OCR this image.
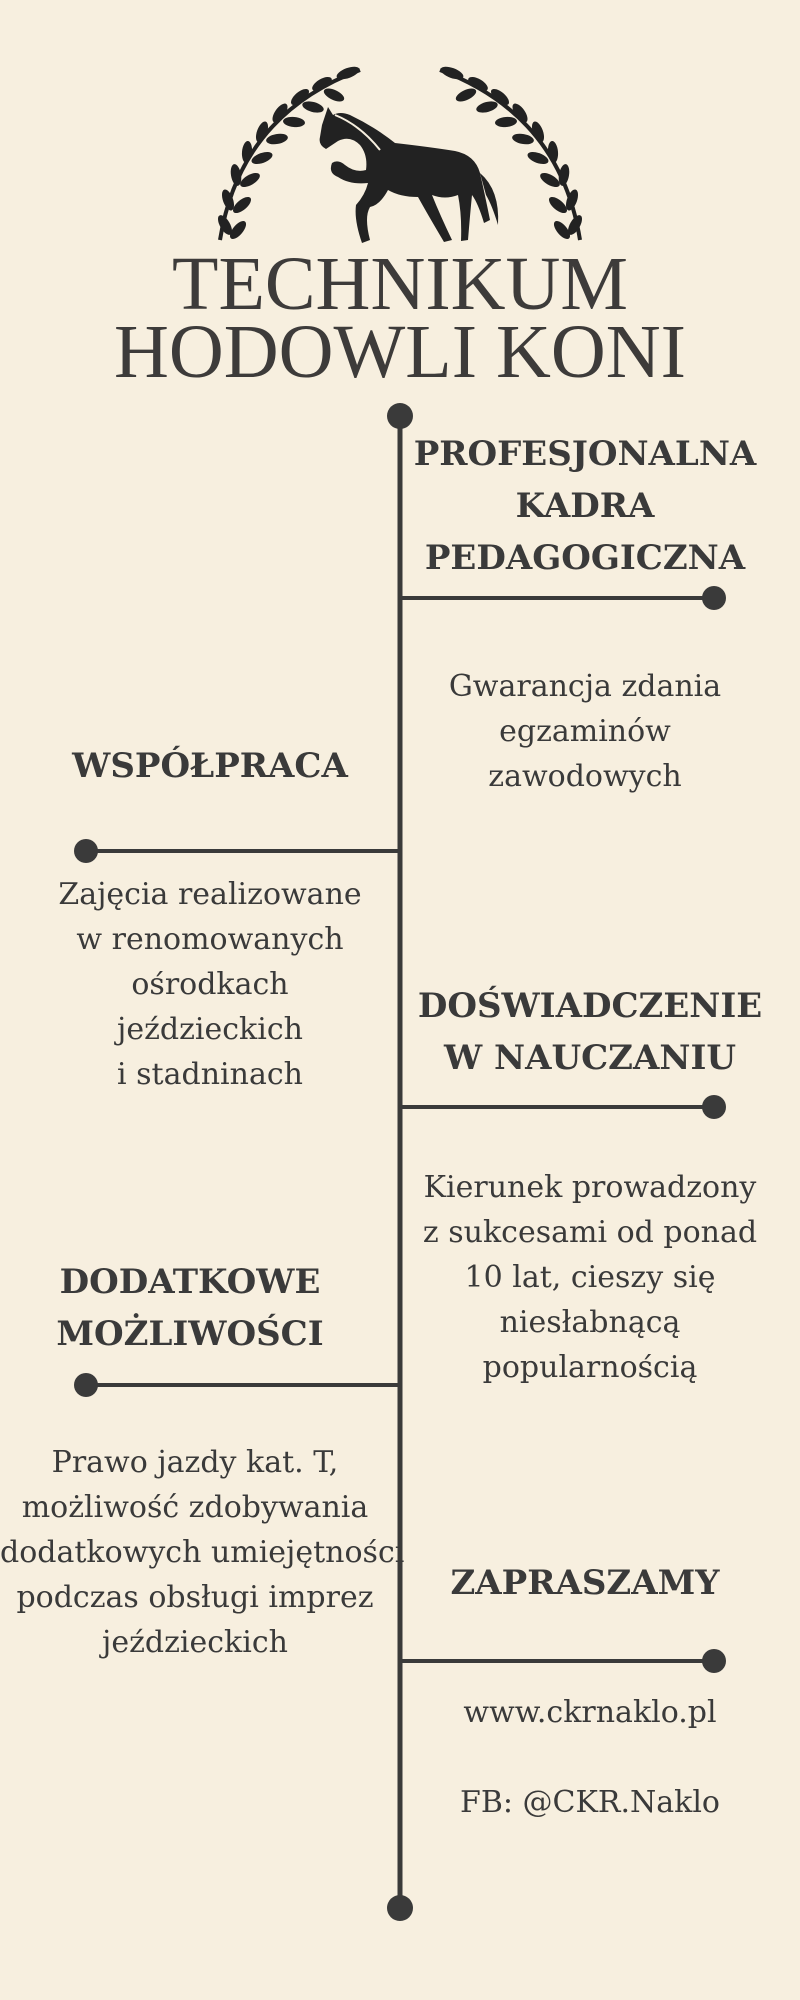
TECHNIKUM
HODOWLI KONI
PROFESJONALNA
KADRA
PEDAGOGICZNA
Gwarancja zdania
egzaminów
zawodowych
WSPÓŁPRACA
Zajęcia realizowane
w renomowanych
ośrodkach
jeździeckich
i stadninach
DOŚWIADCZENIE
W NAUCZANIU
Kierunek prowadzony
z sukcesami od ponad
10 lat, cieszy się
niesłabnącą
popularnością
DODATKOWE
MOŻLIWOŚCI
Prawo jazdy kat. T,
możliwość zdobywania
dodatkowych umiejętności
podczas obsługi imprez
jeździeckich
ZAPRASZAMY
www.ckrnaklo.pl
FB: @CKR.Naklo
